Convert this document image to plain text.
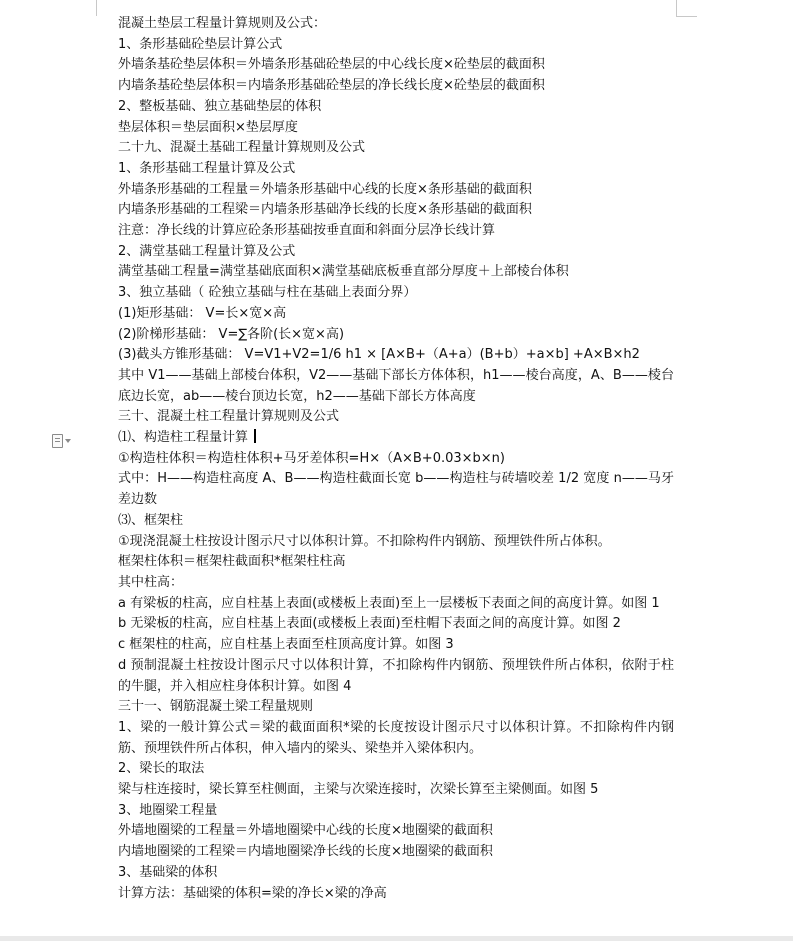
混凝土垫层工程量计算规则及公式：
1、条形基础砼垫层计算公式
外墙条基砼垫层体积＝外墙条形基础砼垫层的中心线长度×砼垫层的截面积
内墙条基砼垫层体积＝内墙条形基础砼垫层的净长线长度×砼垫层的截面积
2、整板基础、独立基础垫层的体积
垫层体积＝垫层面积×垫层厚度
二十九、混凝土基础工程量计算规则及公式
1、条形基础工程量计算及公式
外墙条形基础的工程量＝外墙条形基础中心线的长度×条形基础的截面积
内墙条形基础的工程梁＝内墙条形基础净长线的长度×条形基础的截面积
注意：净长线的计算应砼条形基础按垂直面和斜面分层净长线计算
2、满堂基础工程量计算及公式
满堂基础工程量=满堂基础底面积×满堂基础底板垂直部分厚度＋上部棱台体积
3、独立基础（ 砼独立基础与柱在基础上表面分界）
(1)矩形基础： V=长×宽×高
(2)阶梯形基础： V=∑各阶(长×宽×高)
(3)截头方锥形基础： V=V1+V2=1/6 h1 × [A×B+（A+a）(B+b）+a×b] +A×B×h2
其中 V1——基础上部棱台体积，V2——基础下部长方体体积，h1——棱台高度，A、B——棱台底边长宽，ab——棱台顶边长宽，h2——基础下部长方体高度
三十、混凝土柱工程量计算规则及公式
⑴、构造柱工程量计算
①构造柱体积＝构造柱体积+马牙差体积=H×（A×B+0.03×b×n)
式中：H——构造柱高度 A、B——构造柱截面长宽 b——构造柱与砖墙咬差 1/2 宽度 n——马牙差边数
⑶、框架柱
①现浇混凝土柱按设计图示尺寸以体积计算。不扣除构件内钢筋、预埋铁件所占体积。
框架柱体积＝框架柱截面积*框架柱柱高
其中柱高：
a 有梁板的柱高，应自柱基上表面(或楼板上表面)至上一层楼板下表面之间的高度计算。如图 1
b 无梁板的柱高，应自柱基上表面(或楼板上表面)至柱帽下表面之间的高度计算。如图 2
c 框架柱的柱高，应自柱基上表面至柱顶高度计算。如图 3
d 预制混凝土柱按设计图示尺寸以体积计算，不扣除构件内钢筋、预埋铁件所占体积，依附于柱的牛腿，并入相应柱身体积计算。如图 4
三十一、钢筋混凝土梁工程量规则
1、梁的一般计算公式＝梁的截面面积*梁的长度按设计图示尺寸以体积计算。不扣除构件内钢筋、预埋铁件所占体积，伸入墙内的梁头、梁垫并入梁体积内。
2、梁长的取法
梁与柱连接时，梁长算至柱侧面，主梁与次梁连接时，次梁长算至主梁侧面。如图 5
3、地圈梁工程量
外墙地圈梁的工程量＝外墙地圈梁中心线的长度×地圈梁的截面积
内墙地圈梁的工程梁＝内墙地圈梁净长线的长度×地圈梁的截面积
3、基础梁的体积
计算方法：基础梁的体积=梁的净长×梁的净高
